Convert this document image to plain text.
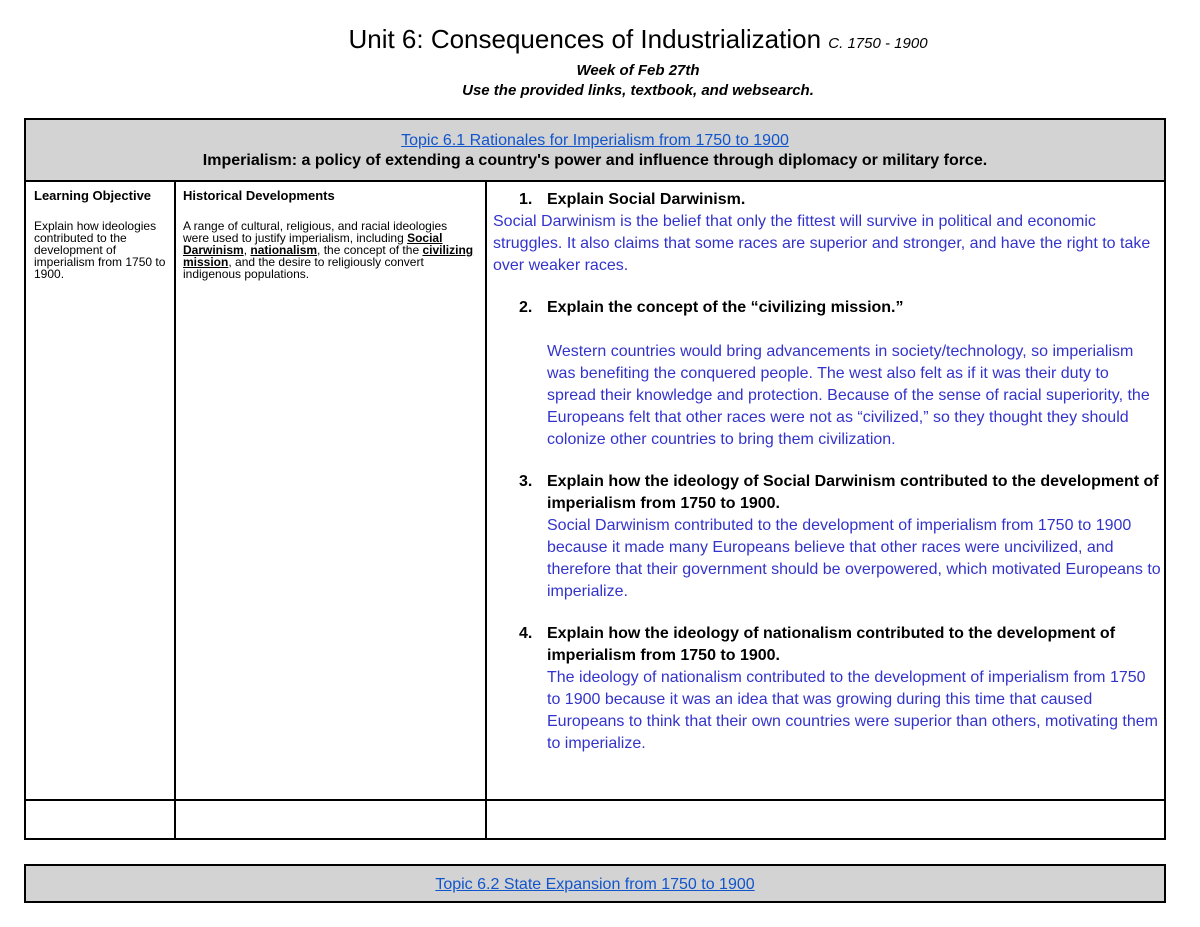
Unit 6: Consequences of Industrialization C. 1750 - 1900
Week of Feb 27th
Use the provided links, textbook, and websearch.
Topic 6.1 Rationales for Imperialism from 1750 to 1900
Imperialism: a policy of extending a country's power and influence through diplomacy or military force.
Learning Objective
Explain how ideologies contributed to the development of imperialism from 1750 to 1900.
Historical Developments
A range of cultural, religious, and racial ideologies were used to justify imperialism, including Social Darwinism, nationalism, the concept of the civilizing mission, and the desire to religiously convert indigenous populations.
1. Explain Social Darwinism.
Social Darwinism is the belief that only the fittest will survive in political and economic struggles. It also claims that some races are superior and stronger, and have the right to take over weaker races.
2. Explain the concept of the “civilizing mission.”
Western countries would bring advancements in society/technology, so imperialism was benefiting the conquered people. The west also felt as if it was their duty to spread their knowledge and protection. Because of the sense of racial superiority, the Europeans felt that other races were not as “civilized,” so they thought they should colonize other countries to bring them civilization.
3. Explain how the ideology of Social Darwinism contributed to the development of imperialism from 1750 to 1900.
Social Darwinism contributed to the development of imperialism from 1750 to 1900 because it made many Europeans believe that other races were uncivilized, and therefore that their government should be overpowered, which motivated Europeans to imperialize.
4. Explain how the ideology of nationalism contributed to the development of imperialism from 1750 to 1900.
The ideology of nationalism contributed to the development of imperialism from 1750 to 1900 because it was an idea that was growing during this time that caused Europeans to think that their own countries were superior than others, motivating them to imperialize.
Topic 6.2 State Expansion from 1750 to 1900
